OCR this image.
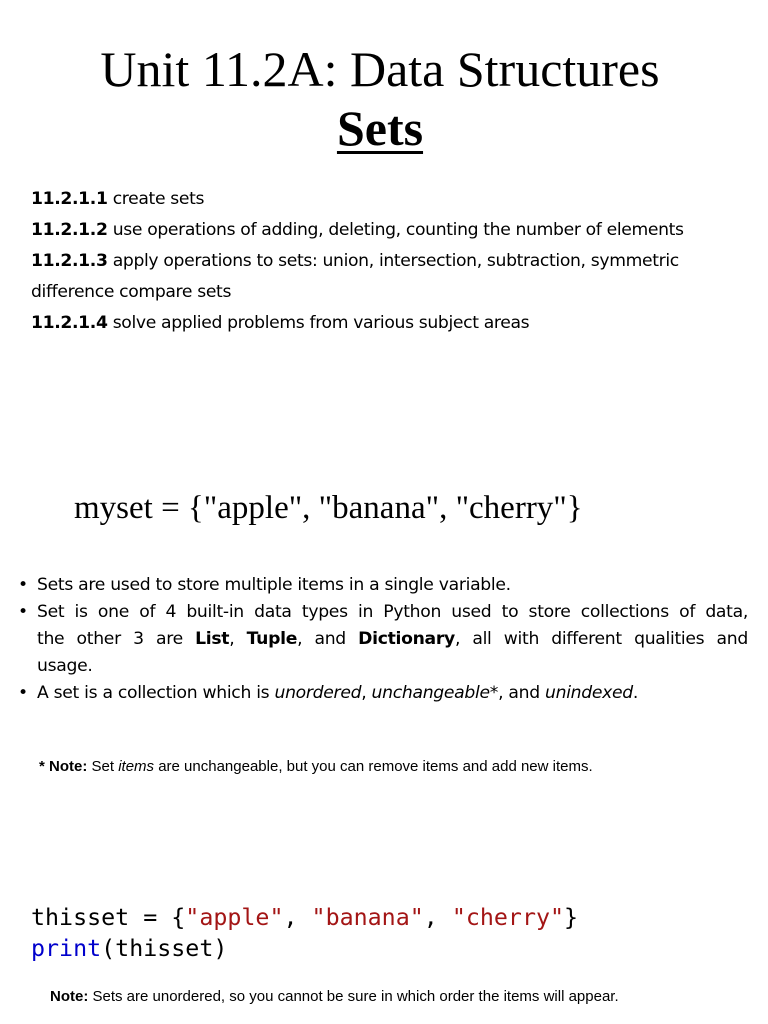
Unit 11.2A: Data Structures
Sets
11.2.1.1 create sets
11.2.1.2 use operations of adding, deleting, counting the number of elements
11.2.1.3 apply operations to sets: union, intersection, subtraction, symmetric
difference compare sets
11.2.1.4 solve applied problems from various subject areas
myset = {"apple", "banana", "cherry"}
• Sets are used to store multiple items in a single variable.
• Set is one of 4 built-in data types in Python used to store collections of data,
the other 3 are List, Tuple, and Dictionary, all with different qualities and
usage.
• A set is a collection which is unordered, unchangeable*, and unindexed.
* Note: Set items are unchangeable, but you can remove items and add new items.
thisset = {"apple", "banana", "cherry"}
print(thisset)
Note: Sets are unordered, so you cannot be sure in which order the items will appear.
